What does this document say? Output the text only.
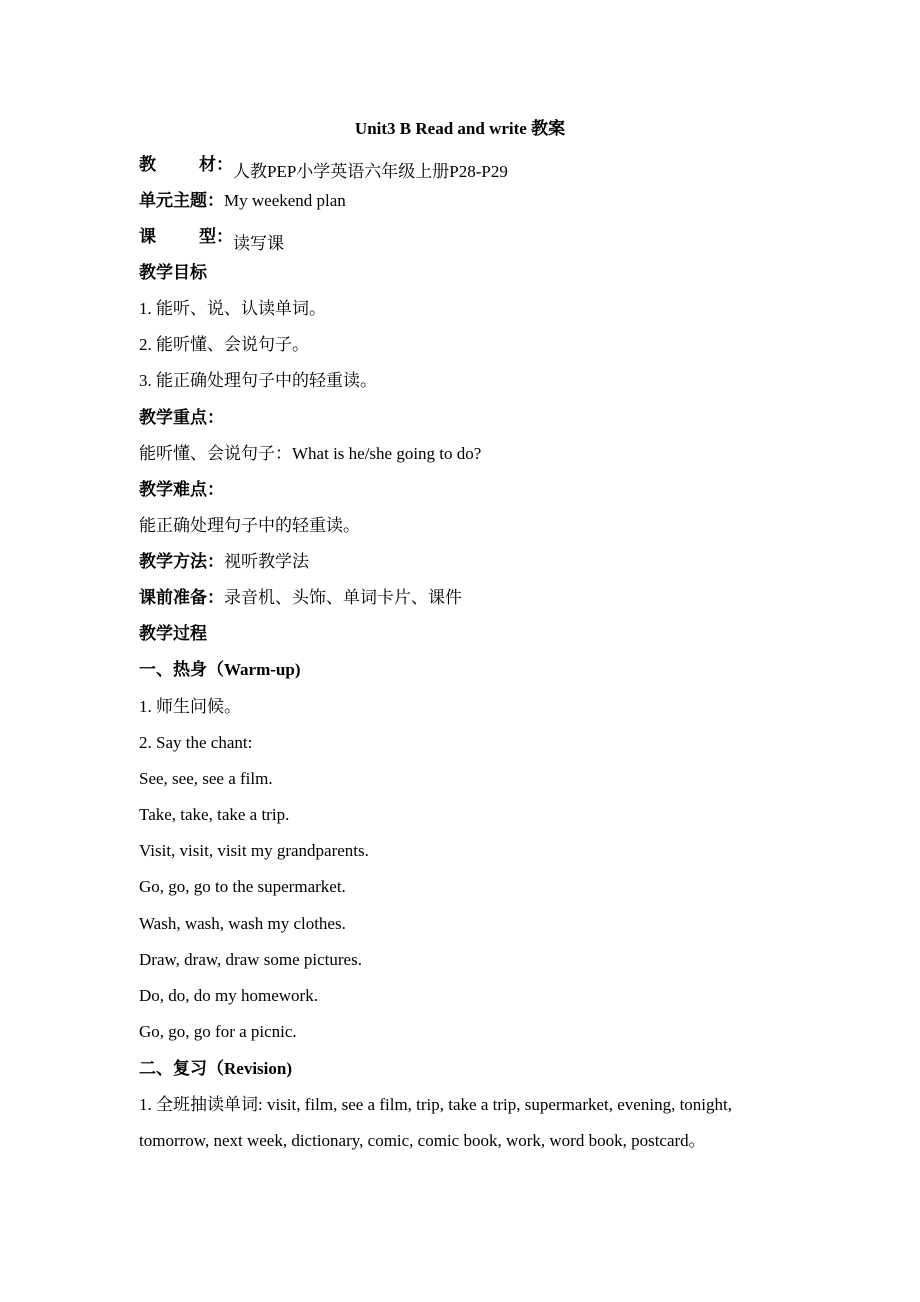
Unit3 B Read and write 教案
教	材： 人教PEP小学英语六年级上册P28-P29
单元主题：My weekend plan
课	型： 读写课
教学目标
1. 能听、说、认读单词。
2. 能听懂、会说句子。
3. 能正确处理句子中的轻重读。
教学重点：
能听懂、会说句子：What is he/she going to do?
教学难点：
能正确处理句子中的轻重读。
教学方法：视听教学法
课前准备：录音机、头饰、单词卡片、课件
教学过程
一、热身（Warm-up)
1. 师生问候。
2. Say the chant:
See, see, see a film.
Take, take, take a trip.
Visit, visit, visit my grandparents.
Go, go, go to the supermarket.
Wash, wash, wash my clothes.
Draw, draw, draw some pictures.
Do, do, do my homework.
Go, go, go for a picnic.
二、复习（Revision)
1. 全班抽读单词: visit, film, see a film, trip, take a trip, supermarket, evening, tonight,
tomorrow, next week, dictionary, comic, comic book, work, word book, postcard。
